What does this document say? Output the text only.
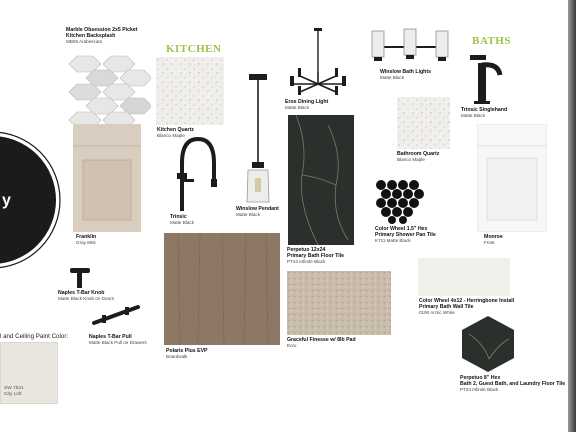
y
KITCHEN
BATHS
Marble Obsession 2x5 Picket
Kitchen Backsplash
MB05 Arabescato
Kitchen Quartz
Blanco Maple
Franklin
Gray Mist
Trinsic
Matte Black
Winslow Pendant
Matte Black
Eros Dining Light
Matte Black
Perpetuo 12x24
Primary Bath Floor Tile
PT24 Infinite Black
Winslow Bath Lights
Matte Black
Trinsic Singlehand
Matte Black
Bathroom Quartz
Blanco Maple
Monroe
Frost
Color Wheel 1.5" Hex
Primary Shower Pan Tile
K711 Matte Black
Naples T-Bar Knob
Matte Black Knob on Doors
Naples T-Bar Pull
Matte Black Pull on Drawers
Polaris Plus EVP
Boardwalk
Graceful Finesse w/ 8lb Pad
Ecru
Color Wheel 4x12 - Herringbone Install
Primary Bath Wall Tile
0190 Arctic White
Perpetuo 8" Hex
Bath 2, Guest Bath, and Laundry Floor Tile
PT24 Infinite Black
l and Ceiling Paint Color:
SW 7631
City Loft
